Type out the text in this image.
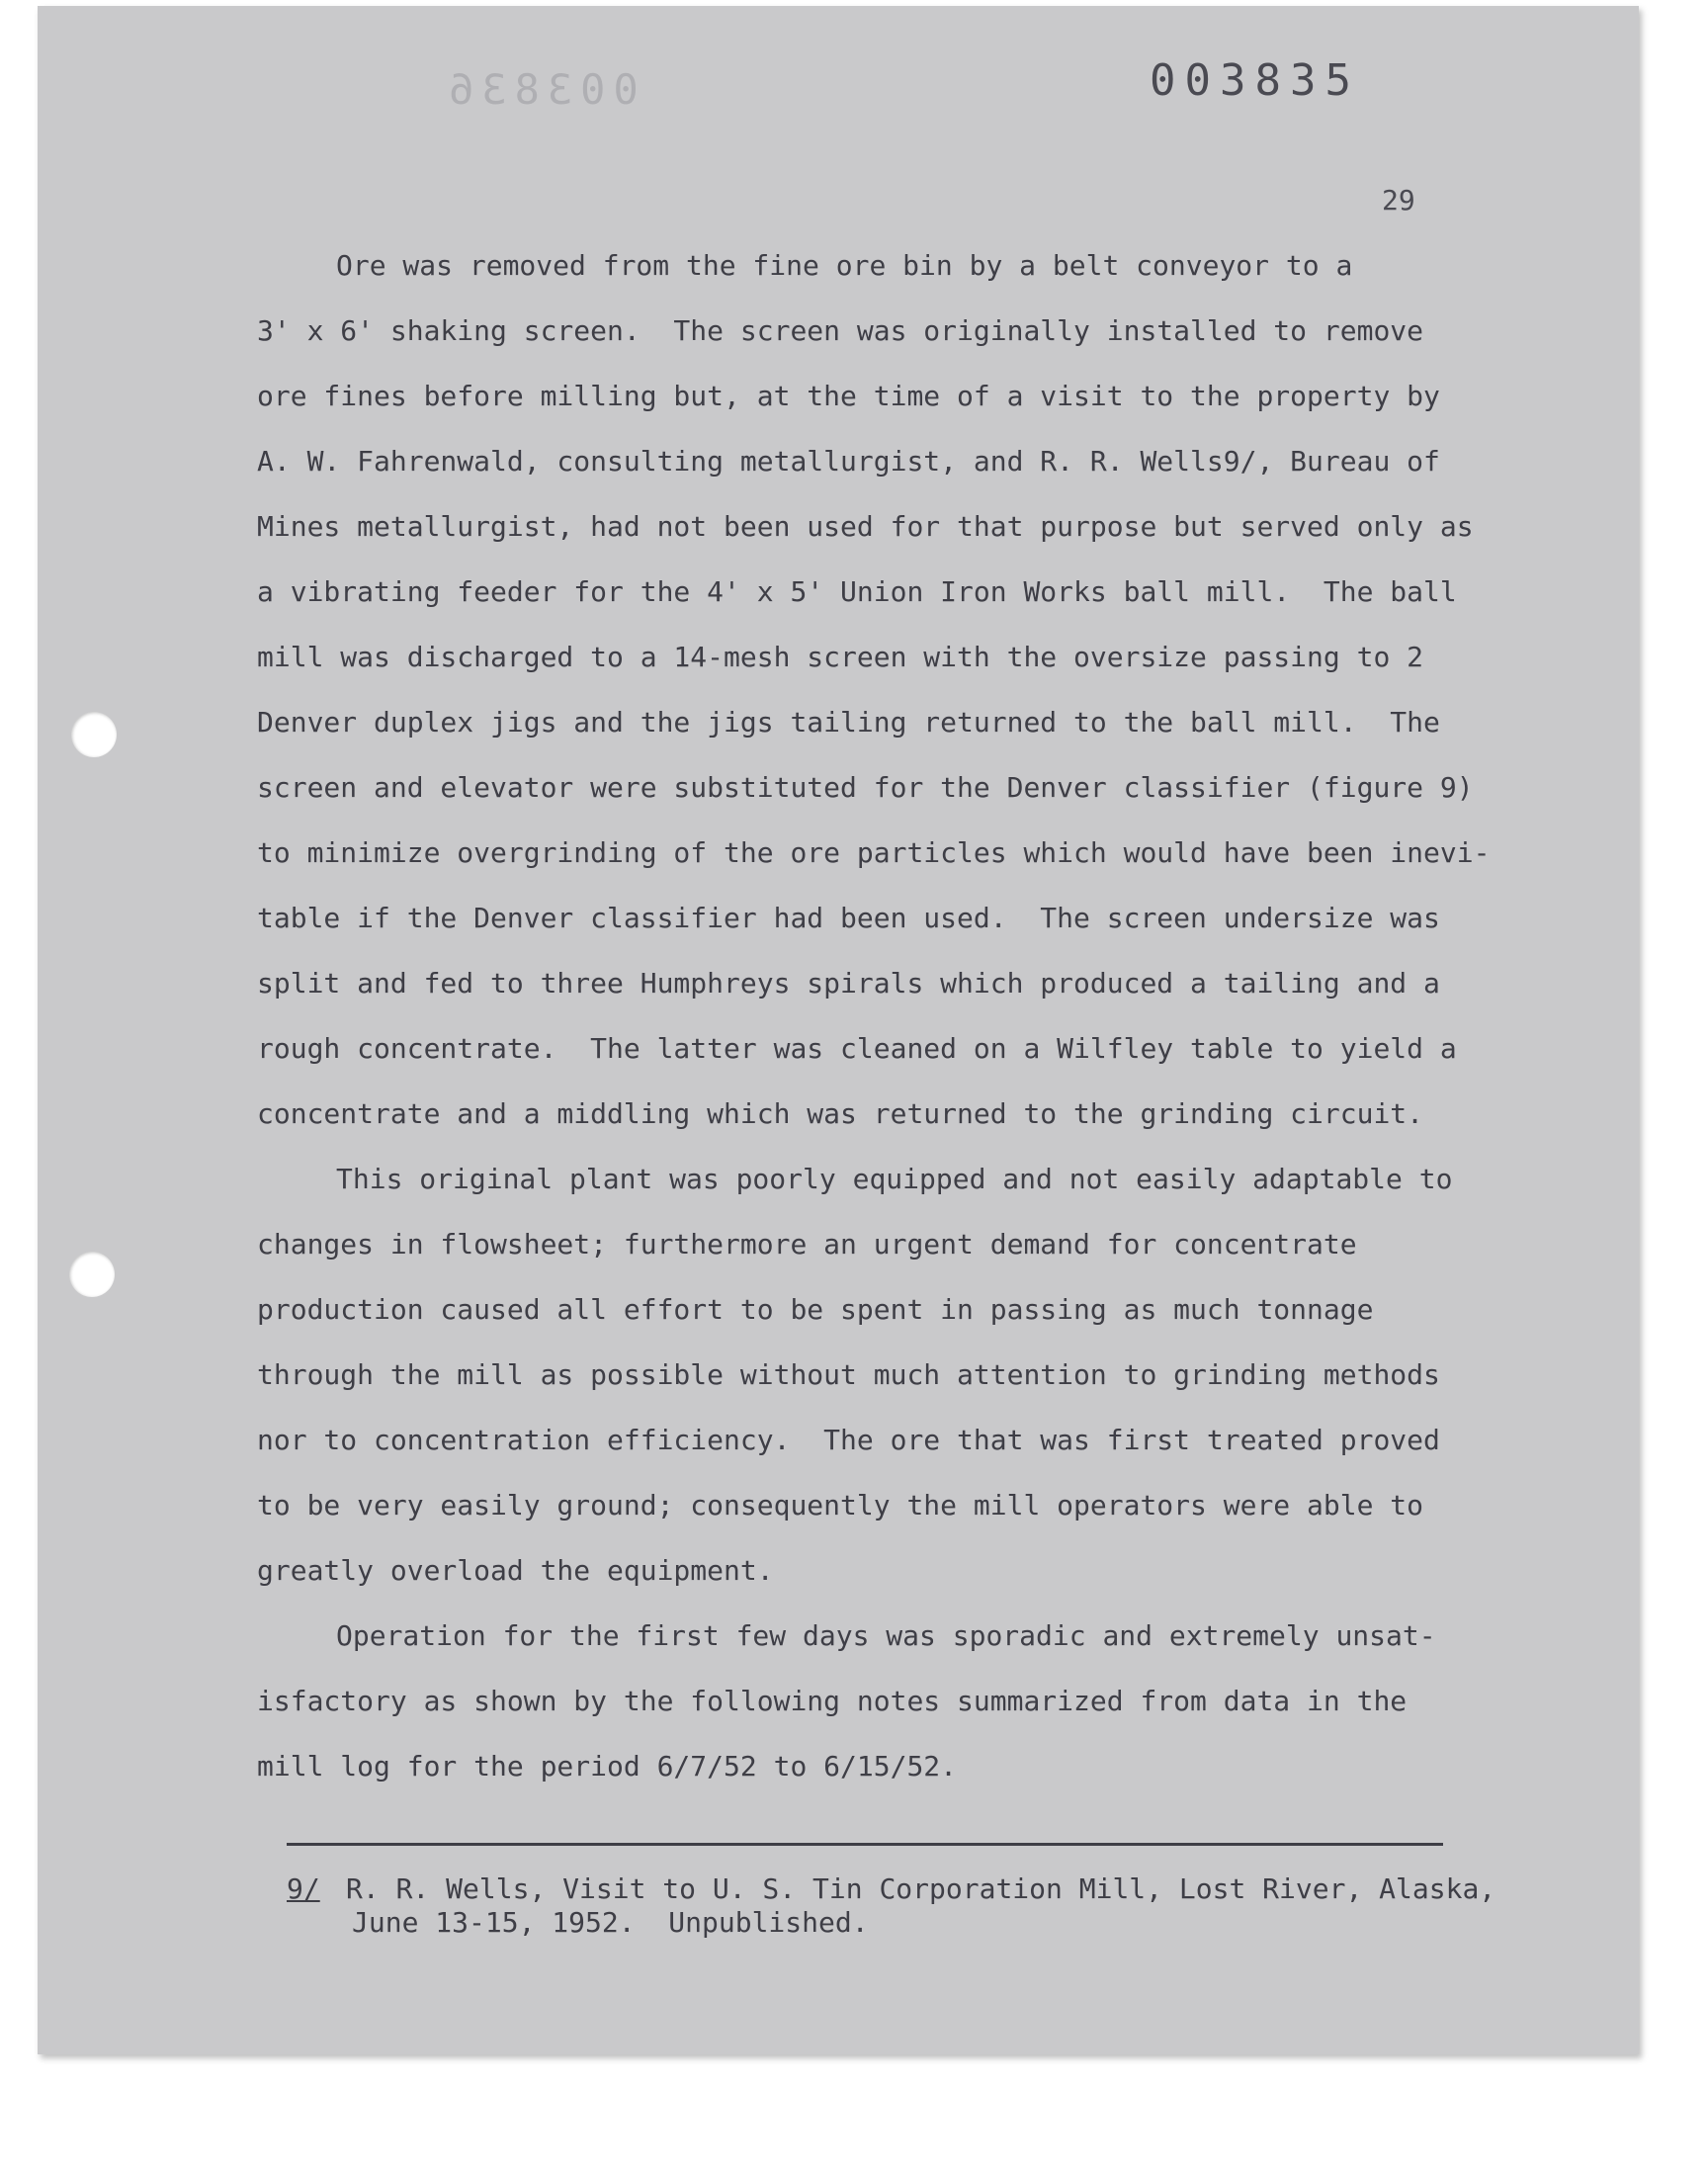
003836	003835
29
Ore was removed from the fine ore bin by a belt conveyor to a
3' x 6' shaking screen.  The screen was originally installed to remove
ore fines before milling but, at the time of a visit to the property by
A. W. Fahrenwald, consulting metallurgist, and R. R. Wells9/, Bureau of
Mines metallurgist, had not been used for that purpose but served only as
a vibrating feeder for the 4' x 5' Union Iron Works ball mill.  The ball
mill was discharged to a 14-mesh screen with the oversize passing to 2
Denver duplex jigs and the jigs tailing returned to the ball mill.  The
screen and elevator were substituted for the Denver classifier (figure 9)
to minimize overgrinding of the ore particles which would have been inevi-
table if the Denver classifier had been used.  The screen undersize was
split and fed to three Humphreys spirals which produced a tailing and a
rough concentrate.  The latter was cleaned on a Wilfley table to yield a
concentrate and a middling which was returned to the grinding circuit.
This original plant was poorly equipped and not easily adaptable to
changes in flowsheet; furthermore an urgent demand for concentrate
production caused all effort to be spent in passing as much tonnage
through the mill as possible without much attention to grinding methods
nor to concentration efficiency.  The ore that was first treated proved
to be very easily ground; consequently the mill operators were able to
greatly overload the equipment.
Operation for the first few days was sporadic and extremely unsat-
isfactory as shown by the following notes summarized from data in the
mill log for the period 6/7/52 to 6/15/52.
9/ R. R. Wells, Visit to U. S. Tin Corporation Mill, Lost River, Alaska,
June 13-15, 1952.  Unpublished.
